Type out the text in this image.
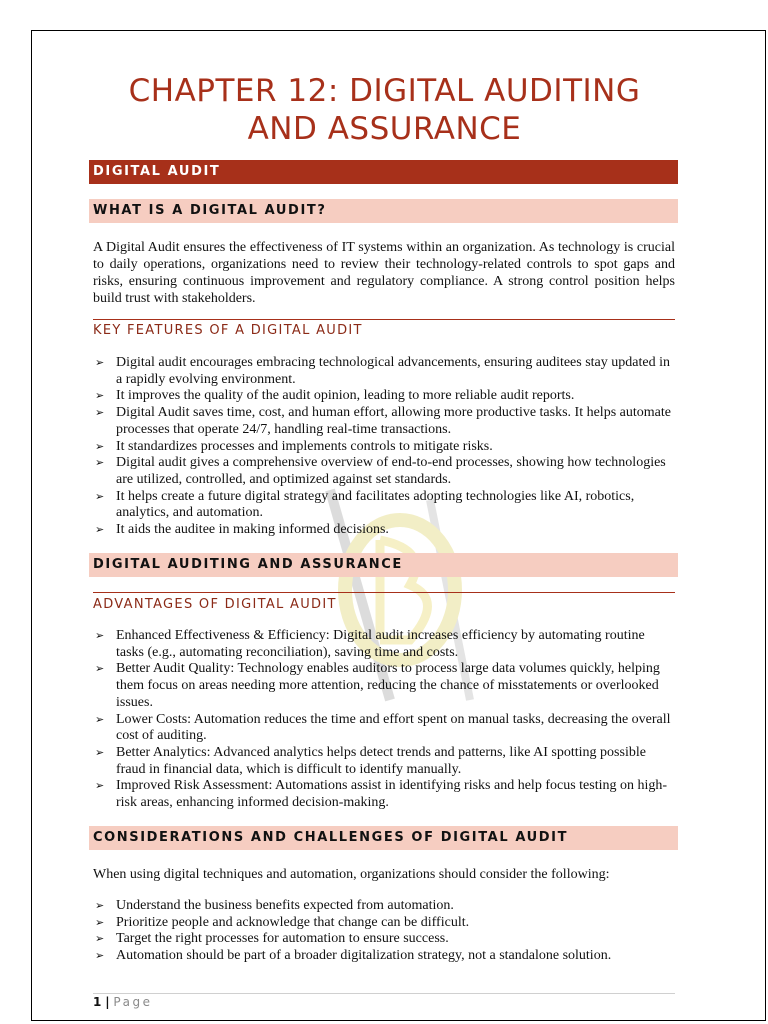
CHAPTER 12: DIGITAL AUDITING AND ASSURANCE
DIGITAL AUDIT
WHAT IS A DIGITAL AUDIT?

A Digital Audit ensures the effectiveness of IT systems within an organization. As technology is crucial to daily operations, organizations need to review their technology-related controls to spot gaps and risks, ensuring continuous improvement and regulatory compliance. A strong control position helps build trust with stakeholders.

KEY FEATURES OF A DIGITAL AUDIT
➢ Digital audit encourages embracing technological advancements, ensuring auditees stay updated in a rapidly evolving environment.
➢ It improves the quality of the audit opinion, leading to more reliable audit reports.
➢ Digital Audit saves time, cost, and human effort, allowing more productive tasks. It helps automate processes that operate 24/7, handling real-time transactions.
➢ It standardizes processes and implements controls to mitigate risks.
➢ Digital audit gives a comprehensive overview of end-to-end processes, showing how technologies are utilized, controlled, and optimized against set standards.
➢ It helps create a future digital strategy and facilitates adopting technologies like AI, robotics, analytics, and automation.
➢ It aids the auditee in making informed decisions.
DIGITAL AUDITING AND ASSURANCE
ADVANTAGES OF DIGITAL AUDIT
➢ Enhanced Effectiveness & Efficiency: Digital audit increases efficiency by automating routine tasks (e.g., automating reconciliation), saving time and costs.
➢ Better Audit Quality: Technology enables auditors to process large data volumes quickly, helping them focus on areas needing more attention, reducing the chance of misstatements or overlooked issues.
➢ Lower Costs: Automation reduces the time and effort spent on manual tasks, decreasing the overall cost of auditing.
➢ Better Analytics: Advanced analytics helps detect trends and patterns, like AI spotting possible fraud in financial data, which is difficult to identify manually.
➢ Improved Risk Assessment: Automations assist in identifying risks and help focus testing on high-risk areas, enhancing informed decision-making.
CONSIDERATIONS AND CHALLENGES OF DIGITAL AUDIT

When using digital techniques and automation, organizations should consider the following:

➢ Understand the business benefits expected from automation.
➢ Prioritize people and acknowledge that change can be difficult.
➢ Target the right processes for automation to ensure success.
➢ Automation should be part of a broader digitalization strategy, not a standalone solution.
1 | Page
